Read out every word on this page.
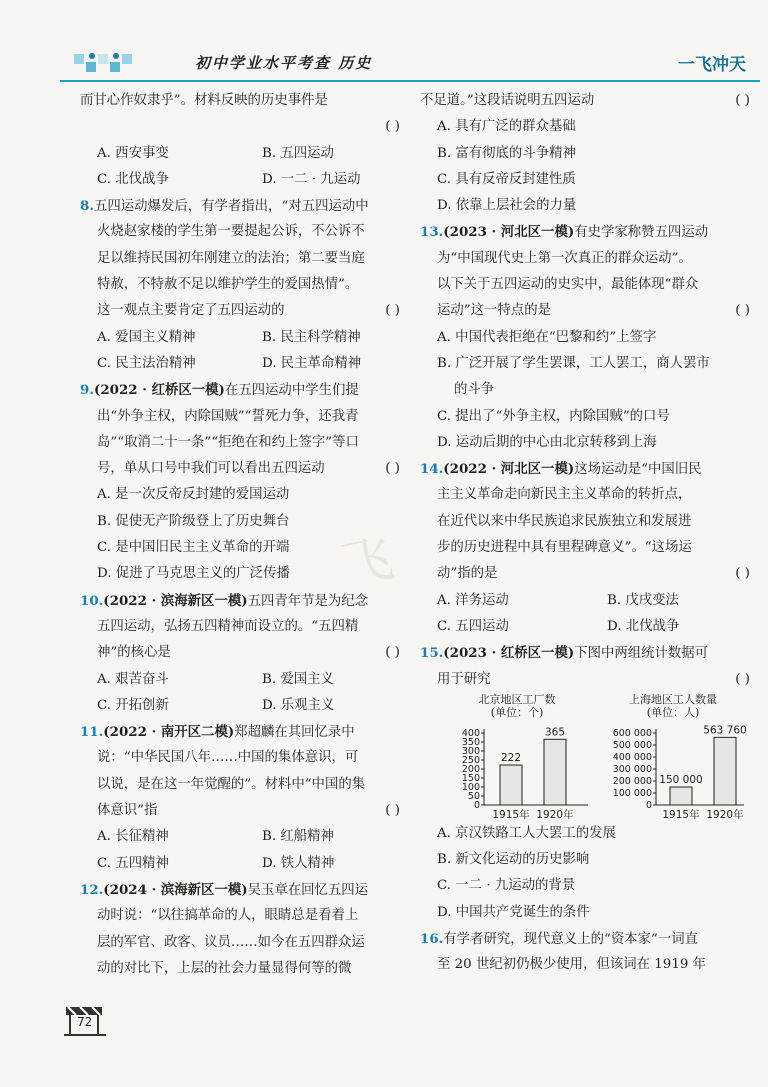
初中学业水平考查 历史	一飞冲天
飞
而甘心作奴隶乎”。材料反映的历史事件是
( )
A. 西安事变	B. 五四运动
C. 北伐战争	D. 一二 · 九运动
8.五四运动爆发后，有学者指出，“对五四运动中
火烧赵家楼的学生第一要提起公诉，不公诉不
足以维持民国初年刚建立的法治；第二要当庭
特赦，不特赦不足以维护学生的爱国热情”。
这一观点主要肯定了五四运动的	( )
A. 爱国主义精神	B. 民主科学精神
C. 民主法治精神	D. 民主革命精神
9.(2022 · 红桥区一模)在五四运动中学生们提
出“外争主权，内除国贼”“誓死力争，还我青
岛”“取消二十一条”“拒绝在和约上签字”等口
号，单从口号中我们可以看出五四运动	( )
A. 是一次反帝反封建的爱国运动
B. 促使无产阶级登上了历史舞台
C. 是中国旧民主主义革命的开端
D. 促进了马克思主义的广泛传播
10.(2022 · 滨海新区一模)五四青年节是为纪念
五四运动，弘扬五四精神而设立的。“五四精
神”的核心是	( )
A. 艰苦奋斗	B. 爱国主义
C. 开拓创新	D. 乐观主义
11.(2022 · 南开区二模)郑超麟在其回忆录中
说：“中华民国八年……中国的集体意识，可
以说，是在这一年觉醒的”。材料中“中国的集
体意识”指	( )
A. 长征精神	B. 红船精神
C. 五四精神	D. 铁人精神
12.(2024 · 滨海新区一模)吴玉章在回忆五四运
动时说：“以往搞革命的人，眼睛总是看着上
层的军官、政客、议员……如今在五四群众运
动的对比下，上层的社会力量显得何等的微
不足道。”这段话说明五四运动	( )
A. 具有广泛的群众基础
B. 富有彻底的斗争精神
C. 具有反帝反封建性质
D. 依靠上层社会的力量
13.(2023 · 河北区一模)有史学家称赞五四运动
为“中国现代史上第一次真正的群众运动”。
以下关于五四运动的史实中，最能体现“群众
运动”这一特点的是	( )
A. 中国代表拒绝在“巴黎和约”上签字
B. 广泛开展了学生罢课，工人罢工，商人罢市
的斗争
C. 提出了“外争主权，内除国贼”的口号
D. 运动后期的中心由北京转移到上海
14.(2022 · 河北区一模)这场运动是“中国旧民
主主义革命走向新民主主义革命的转折点，
在近代以来中华民族追求民族独立和发展进
步的历史进程中具有里程碑意义”。“这场运
动”指的是	( )
A. 洋务运动	B. 戊戌变法
C. 五四运动	D. 北伐战争
15.(2023 · 红桥区一模)下图中两组统计数据可
用于研究	( )
北京地区工厂数
(单位：个)
0
50
100
150
200
250
300
350
400
222
1915年
365
1920年
上海地区工人数量
(单位：人)
0
100 000
200 000
300 000
400 000
500 000
600 000
150 000
1915年
563 760
1920年
A. 京汉铁路工人大罢工的发展
B. 新文化运动的历史影响
C. 一二 · 九运动的背景
D. 中国共产党诞生的条件
16.有学者研究，现代意义上的“资本家”一词直
至 20 世纪初仍极少使用，但该词在 1919 年
72
